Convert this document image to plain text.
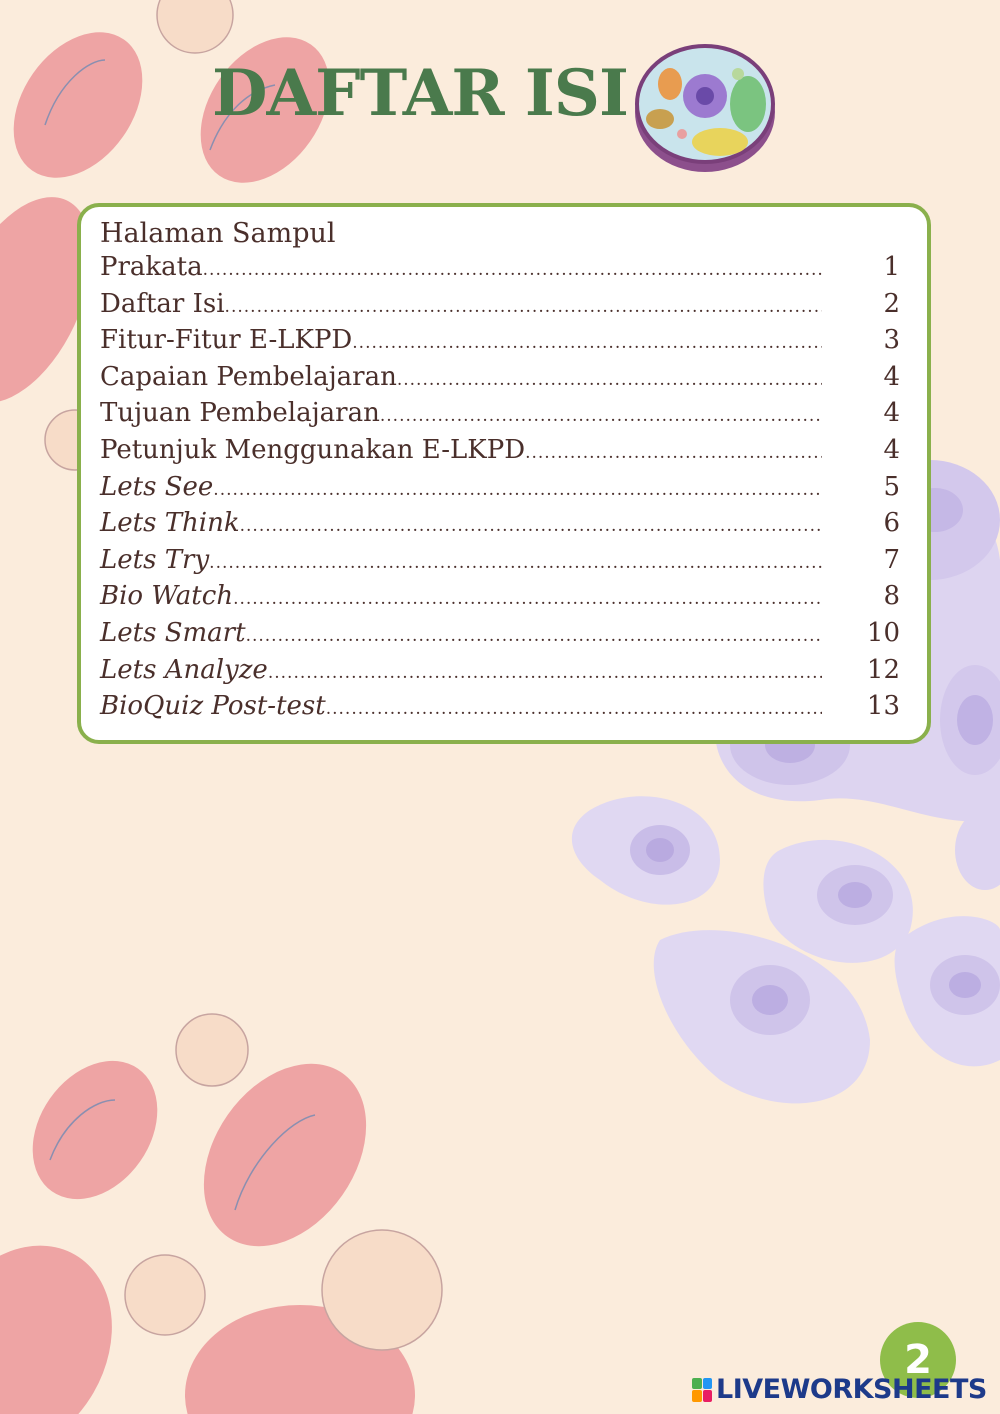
DAFTAR ISI

Halaman Sampul

Prakata .....	1
Daftar Isi .....	2
Fitur-Fitur E-LKPD .....	3
Capaian Pembelajaran .....	4
Tujuan Pembelajaran .....	4
Petunjuk Menggunakan E-LKPD .....	4
Lets See .....	5
Lets Think .....	6
Lets Try .....	7
Bio Watch .....	8
Lets Smart .....	10
Lets Analyze .....	12
BioQuiz Post-test .....	13
2
LIVEWORKSHEETS
